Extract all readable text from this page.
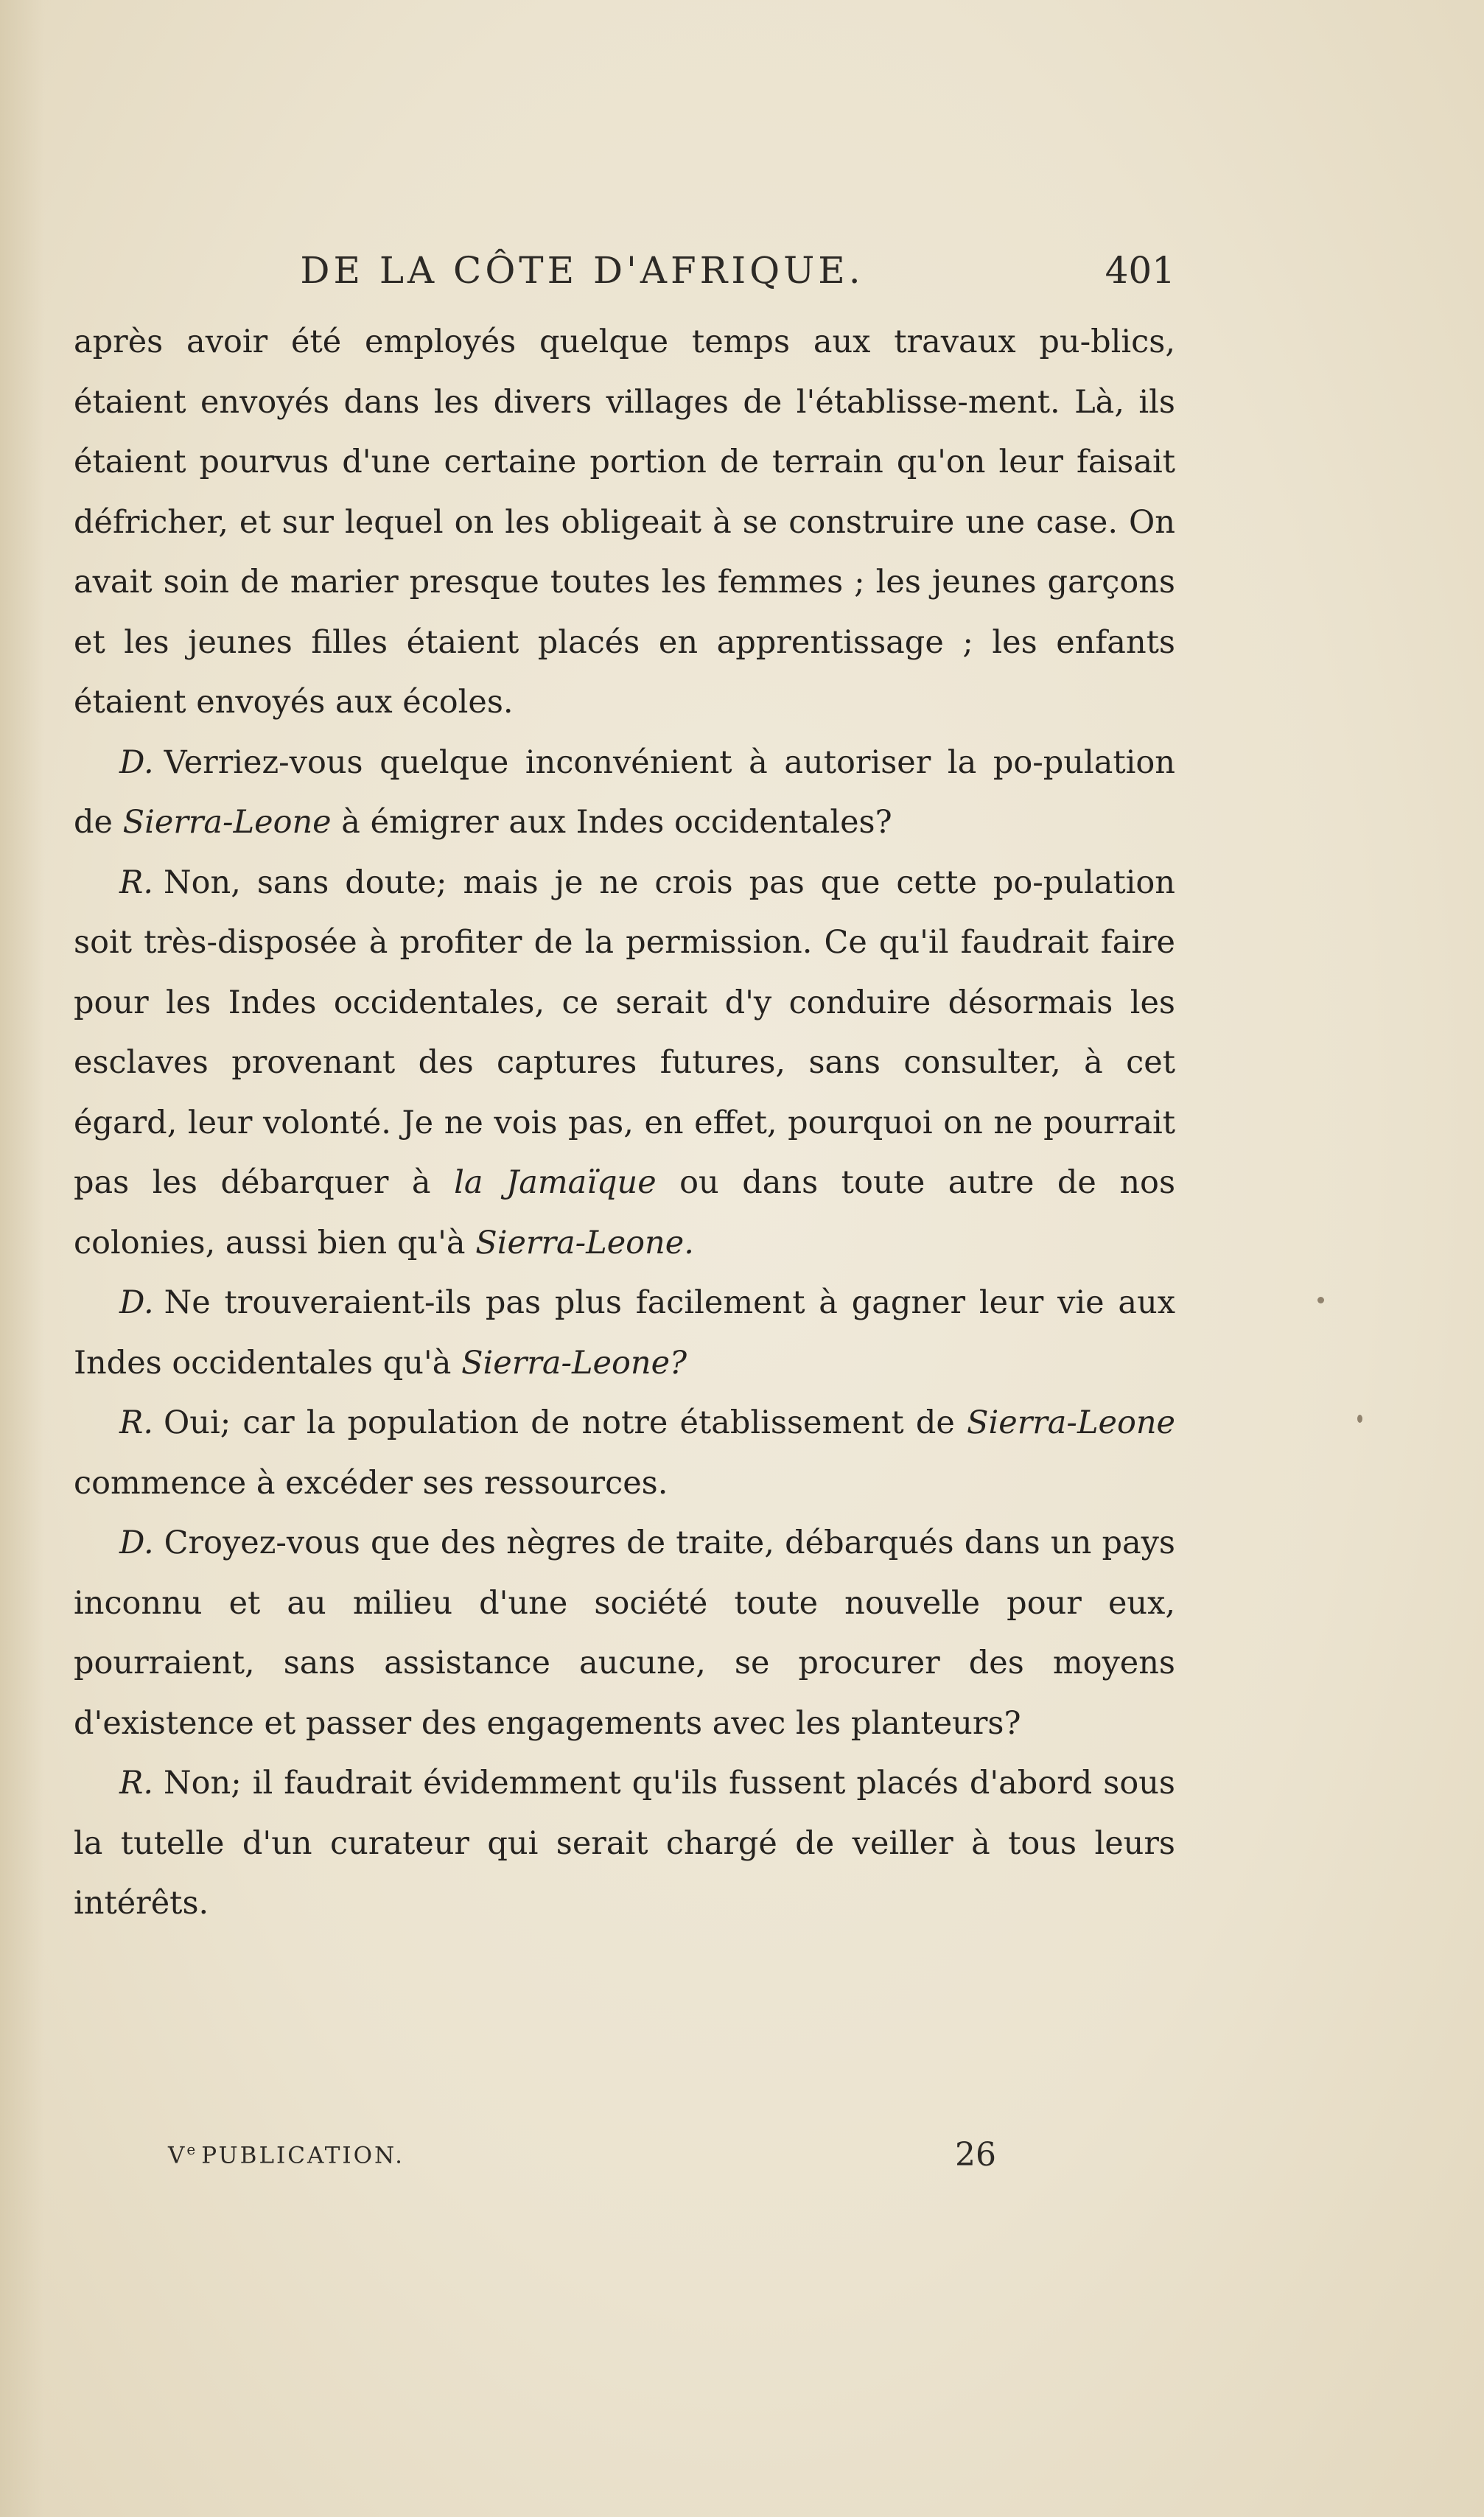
DE LA CÔTE D'AFRIQUE.	401

après avoir été employés quelque temps aux travaux pu-blics, étaient envoyés dans les divers villages de l'établisse-ment. Là, ils étaient pourvus d'une certaine portion de terrain qu'on leur faisait défricher, et sur lequel on les obligeait à se construire une case. On avait soin de marier presque toutes les femmes ; les jeunes garçons et les jeunes filles étaient placés en apprentissage ; les enfants étaient envoyés aux écoles.

D. Verriez-vous quelque inconvénient à autoriser la po-pulation de Sierra-Leone à émigrer aux Indes occidentales?

R. Non, sans doute; mais je ne crois pas que cette po-pulation soit très-disposée à profiter de la permission. Ce qu'il faudrait faire pour les Indes occidentales, ce serait d'y conduire désormais les esclaves provenant des captures futures, sans consulter, à cet égard, leur volonté. Je ne vois pas, en effet, pourquoi on ne pourrait pas les débarquer à la Jamaïque ou dans toute autre de nos colonies, aussi bien qu'à Sierra-Leone.

D. Ne trouveraient-ils pas plus facilement à gagner leur vie aux Indes occidentales qu'à Sierra-Leone?

R. Oui; car la population de notre établissement de Sierra-Leone commence à excéder ses ressources.

D. Croyez-vous que des nègres de traite, débarqués dans un pays inconnu et au milieu d'une société toute nouvelle pour eux, pourraient, sans assistance aucune, se procurer des moyens d'existence et passer des engagements avec les planteurs?

R. Non; il faudrait évidemment qu'ils fussent placés d'abord sous la tutelle d'un curateur qui serait chargé de veiller à tous leurs intérêts.

Ve PUBLICATION.	26
